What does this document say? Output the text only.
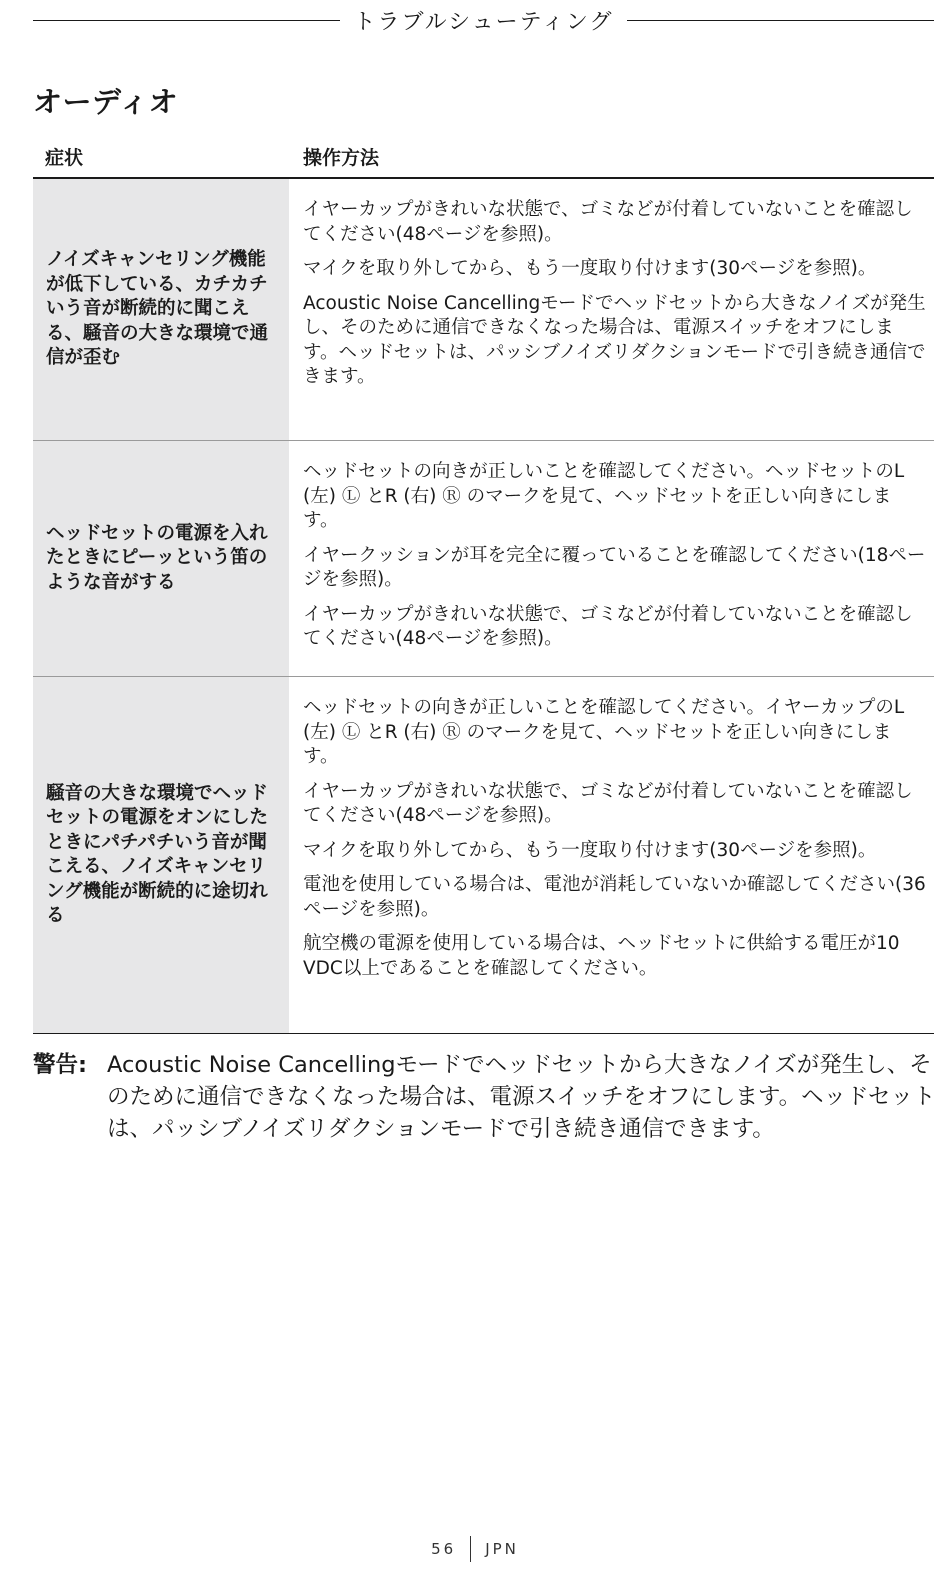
トラブルシューティング
オーディオ
症状	操作方法
ノイズキャンセリング機能が低下している、カチカチいう音が断続的に聞こえる、騒音の大きな環境で通信が歪む

イヤーカップがきれいな状態で、ゴミなどが付着していないことを確認してください(48ページを参照)。

マイクを取り外してから、もう一度取り付けます(30ページを参照)。

Acoustic Noise Cancellingモードでヘッドセットから大きなノイズが発生し、そのために通信できなくなった場合は、電源スイッチをオフにします。ヘッドセットは、パッシブノイズリダクションモードで引き続き通信できます。

ヘッドセットの電源を入れたときにピーッという笛のような音がする

ヘッドセットの向きが正しいことを確認してください。ヘッドセットのL (左) Ⓛ とR (右) Ⓡ のマークを見て、ヘッドセットを正しい向きにします。

イヤークッションが耳を完全に覆っていることを確認してください(18ページを参照)。

イヤーカップがきれいな状態で、ゴミなどが付着していないことを確認してください(48ページを参照)。

騒音の大きな環境でヘッドセットの電源をオンにしたときにパチパチいう音が聞こえる、ノイズキャンセリング機能が断続的に途切れる

ヘッドセットの向きが正しいことを確認してください。イヤーカップのL (左) Ⓛ とR (右) Ⓡ のマークを見て、ヘッドセットを正しい向きにします。

イヤーカップがきれいな状態で、ゴミなどが付着していないことを確認してください(48ページを参照)。

マイクを取り外してから、もう一度取り付けます(30ページを参照)。

電池を使用している場合は、電池が消耗していないか確認してください(36ページを参照)。

航空機の電源を使用している場合は、ヘッドセットに供給する電圧が10 VDC以上であることを確認してください。

警告: Acoustic Noise Cancellingモードでヘッドセットから大きなノイズが発生し、そのために通信できなくなった場合は、電源スイッチをオフにします。ヘッドセットは、パッシブノイズリダクションモードで引き続き通信できます。
56 JPN
